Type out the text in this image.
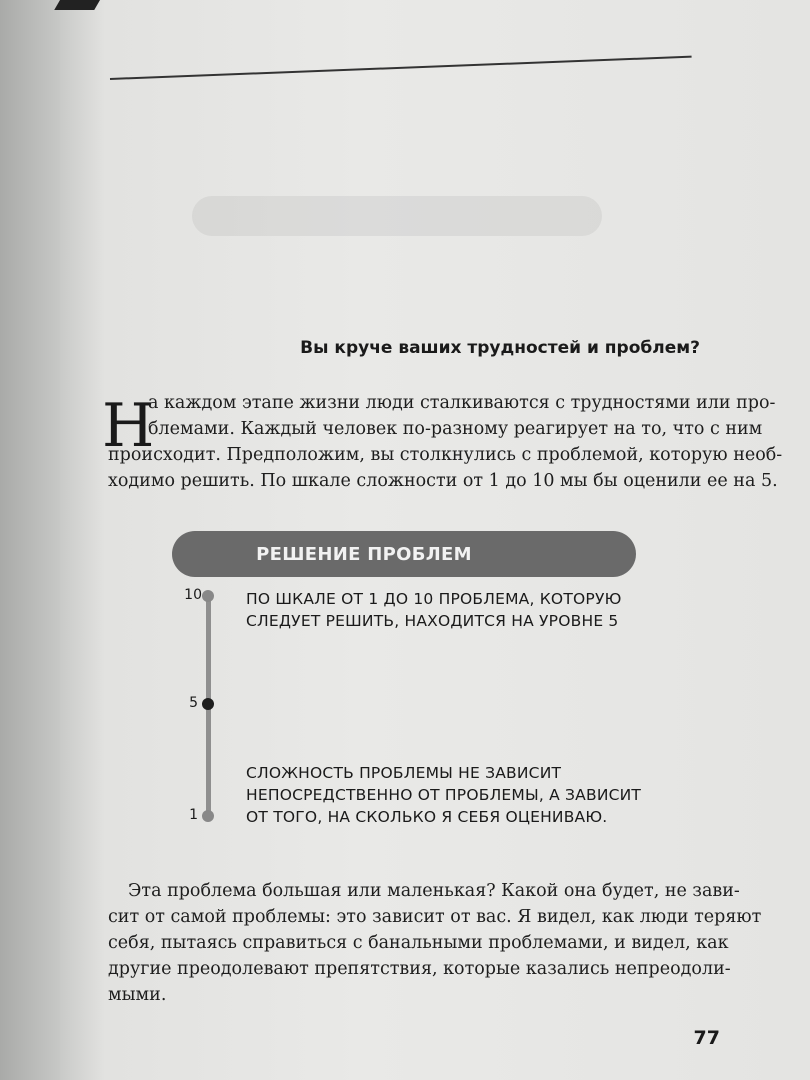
Вы круче ваших трудностей и проблем?
Н
а каждом этапе жизни люди сталкиваются с трудностями или про-
блемами. Каждый человек по-разному реагирует на то, что с ним
происходит. Предположим, вы столкнулись с проблемой, которую необ-
ходимо решить. По шкале сложности от 1 до 10 мы бы оценили ее на 5.
РЕШЕНИЕ ПРОБЛЕМ
10
5
1
ПО ШКАЛЕ ОТ 1 ДО 10 ПРОБЛЕМА, КОТОРУЮ
СЛЕДУЕТ РЕШИТЬ, НАХОДИТСЯ НА УРОВНЕ 5
СЛОЖНОСТЬ ПРОБЛЕМЫ НЕ ЗАВИСИТ
НЕПОСРЕДСТВЕННО ОТ ПРОБЛЕМЫ, А ЗАВИСИТ
ОТ ТОГО, НА СКОЛЬКО Я СЕБЯ ОЦЕНИВАЮ.
Эта проблема большая или маленькая? Какой она будет, не зави-
сит от самой проблемы: это зависит от вас. Я видел, как люди теряют
себя, пытаясь справиться с банальными проблемами, и видел, как
другие преодолевают препятствия, которые казались непреодоли-
мыми.
77
